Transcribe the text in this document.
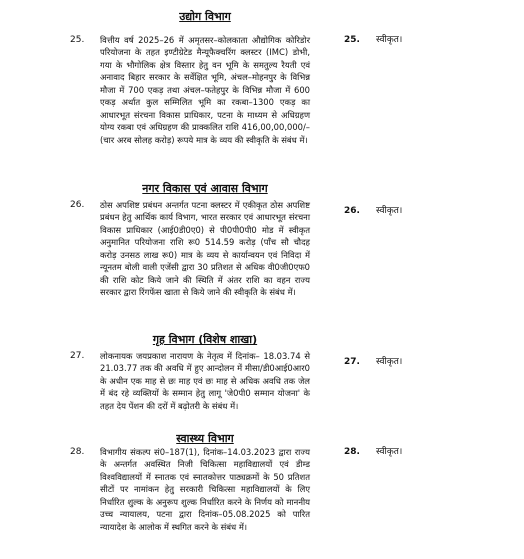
उद्योग विभाग
25. वित्तीय वर्ष 2025–26 में अमृतसर–कोलकाता औद्योगिक कोरिडोर परियोजना के तहत इण्टीग्रेटेड मैन्यूफैक्चरिंग क्लस्टर (IMC) डोभी, गया के भौगोलिक क्षेत्र विस्तार हेतु वन भूमि के समतुल्य रैयती एवं अनावाद बिहार सरकार के सर्वेक्षित भूमि, अंचल–मोहनपुर के विभिन्न मौजा में 700 एकड़ तथा अंचल–फतेहपुर के विभिन्न मौजा में 600 एकड़ अर्थात कुल सम्मिलित भूमि का रकबा–1300 एकड़ का आधारभूत संरचना विकास प्राधिकार, पटना के माध्यम से अधिग्रहण योग्य रकबा एवं अधिग्रहण की प्राक्कलित राशि 416,00,00,000/–(चार अरब सोलह करोड़) रूपये मात्र के व्यय की स्वीकृति के संबंध में।
25. स्वीकृत।
नगर विकास एवं आवास विभाग
26. ठोस अपशिष्ट प्रबंधन अन्तर्गत पटना क्लस्टर में एकीकृत ठोस अपशिष्ट प्रबंधन हेतु आर्थिक कार्य विभाग, भारत सरकार एवं आधारभूत संरचना विकास प्राधिकार (आई0डी0ए0) से पी0पी0पी0 मोड में स्वीकृत अनुमानित परियोजना राशि रू0 514.59 करोड़ (पाँच सौ चौदह करोड़ उनसठ लाख रू0) मात्र के व्यय से कार्यान्वयन एवं निविदा में न्यूनतम बोली वाली एजेंसी द्वारा 30 प्रतिशत से अधिक वी0जी0एफ0 की राशि कोट किये जाने की स्थिति में अंतर राशि का वहन राज्य सरकार द्वारा रिंगफेंस खाता से किये जाने की स्वीकृति के संबंध में।
26. स्वीकृत।
गृह विभाग (विशेष शाखा)
27. लोकनायक जयप्रकाश नारायण के नेतृत्व में दिनांक– 18.03.74 से 21.03.77 तक की अवधि में हुए आन्दोलन में मीसा/डी0आई0आर0 के अधीन एक माह से छः माह एवं छः माह से अधिक अवधि तक जेल में बंद रहे व्यक्तियों के सम्मान हेतु लागू 'जे0पी0 सम्मान योजना' के तहत देय पेंशन की दरों में बढ़ोतरी के संबंध में।
27. स्वीकृत।
स्वास्थ्य विभाग
28. विभागीय संकल्प सं0–187(1), दिनांक–14.03.2023 द्वारा राज्य के अन्तर्गत अवस्थित निजी चिकित्सा महाविद्यालयों एवं डीम्ड विश्वविद्यालयों में स्नातक एवं स्नातकोत्तर पाठ्यक्रमों के 50 प्रतिशत सीटों पर नामांकन हेतु सरकारी चिकित्सा महाविद्यालयों के लिए निर्धारित शुल्क के अनुरूप शुल्क निर्धारित करने के निर्णय को माननीय उच्च न्यायालय, पटना द्वारा दिनांक–05.08.2025 को पारित न्यायादेश के आलोक में स्थगित करने के संबंध में।
28. स्वीकृत।
